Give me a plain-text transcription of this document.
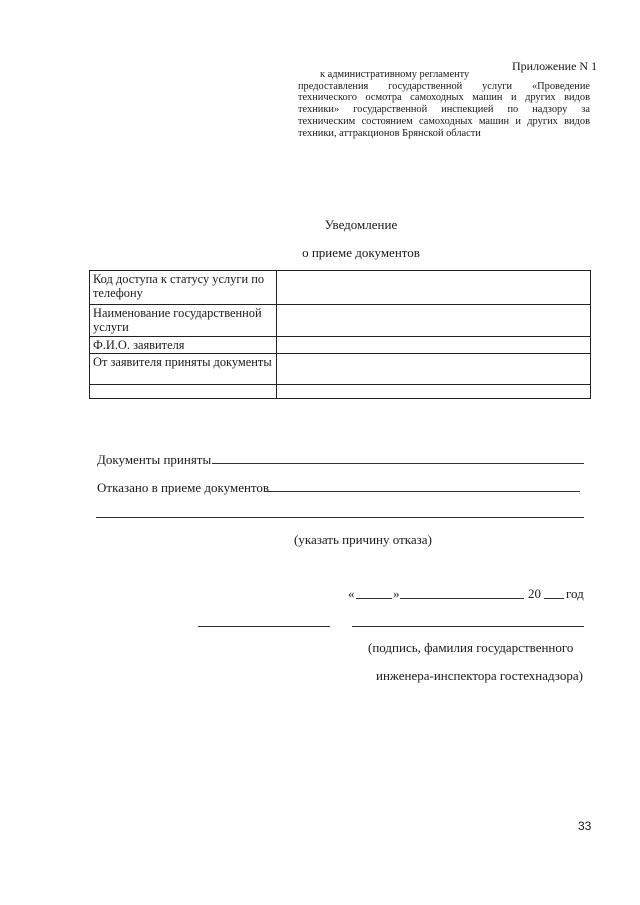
Приложение N 1
к административному регламенту
предоставления государственной услуги «Проведение технического осмотра самоходных машин и других видов техники» государственной инспекцией по надзору за техническим состоянием самоходных машин и других видов техники, аттракционов Брянской области
Уведомление
о приеме документов
Код доступа к статусу услуги по телефону	
Наименование государственной услуги	
Ф.И.О. заявителя	
От заявителя приняты документы	

Документы приняты
Отказано в приеме документов
(указать причину отказа)
«	»	20 год
(подпись, фамилия государственного
инженера-инспектора гостехнадзора)
33
